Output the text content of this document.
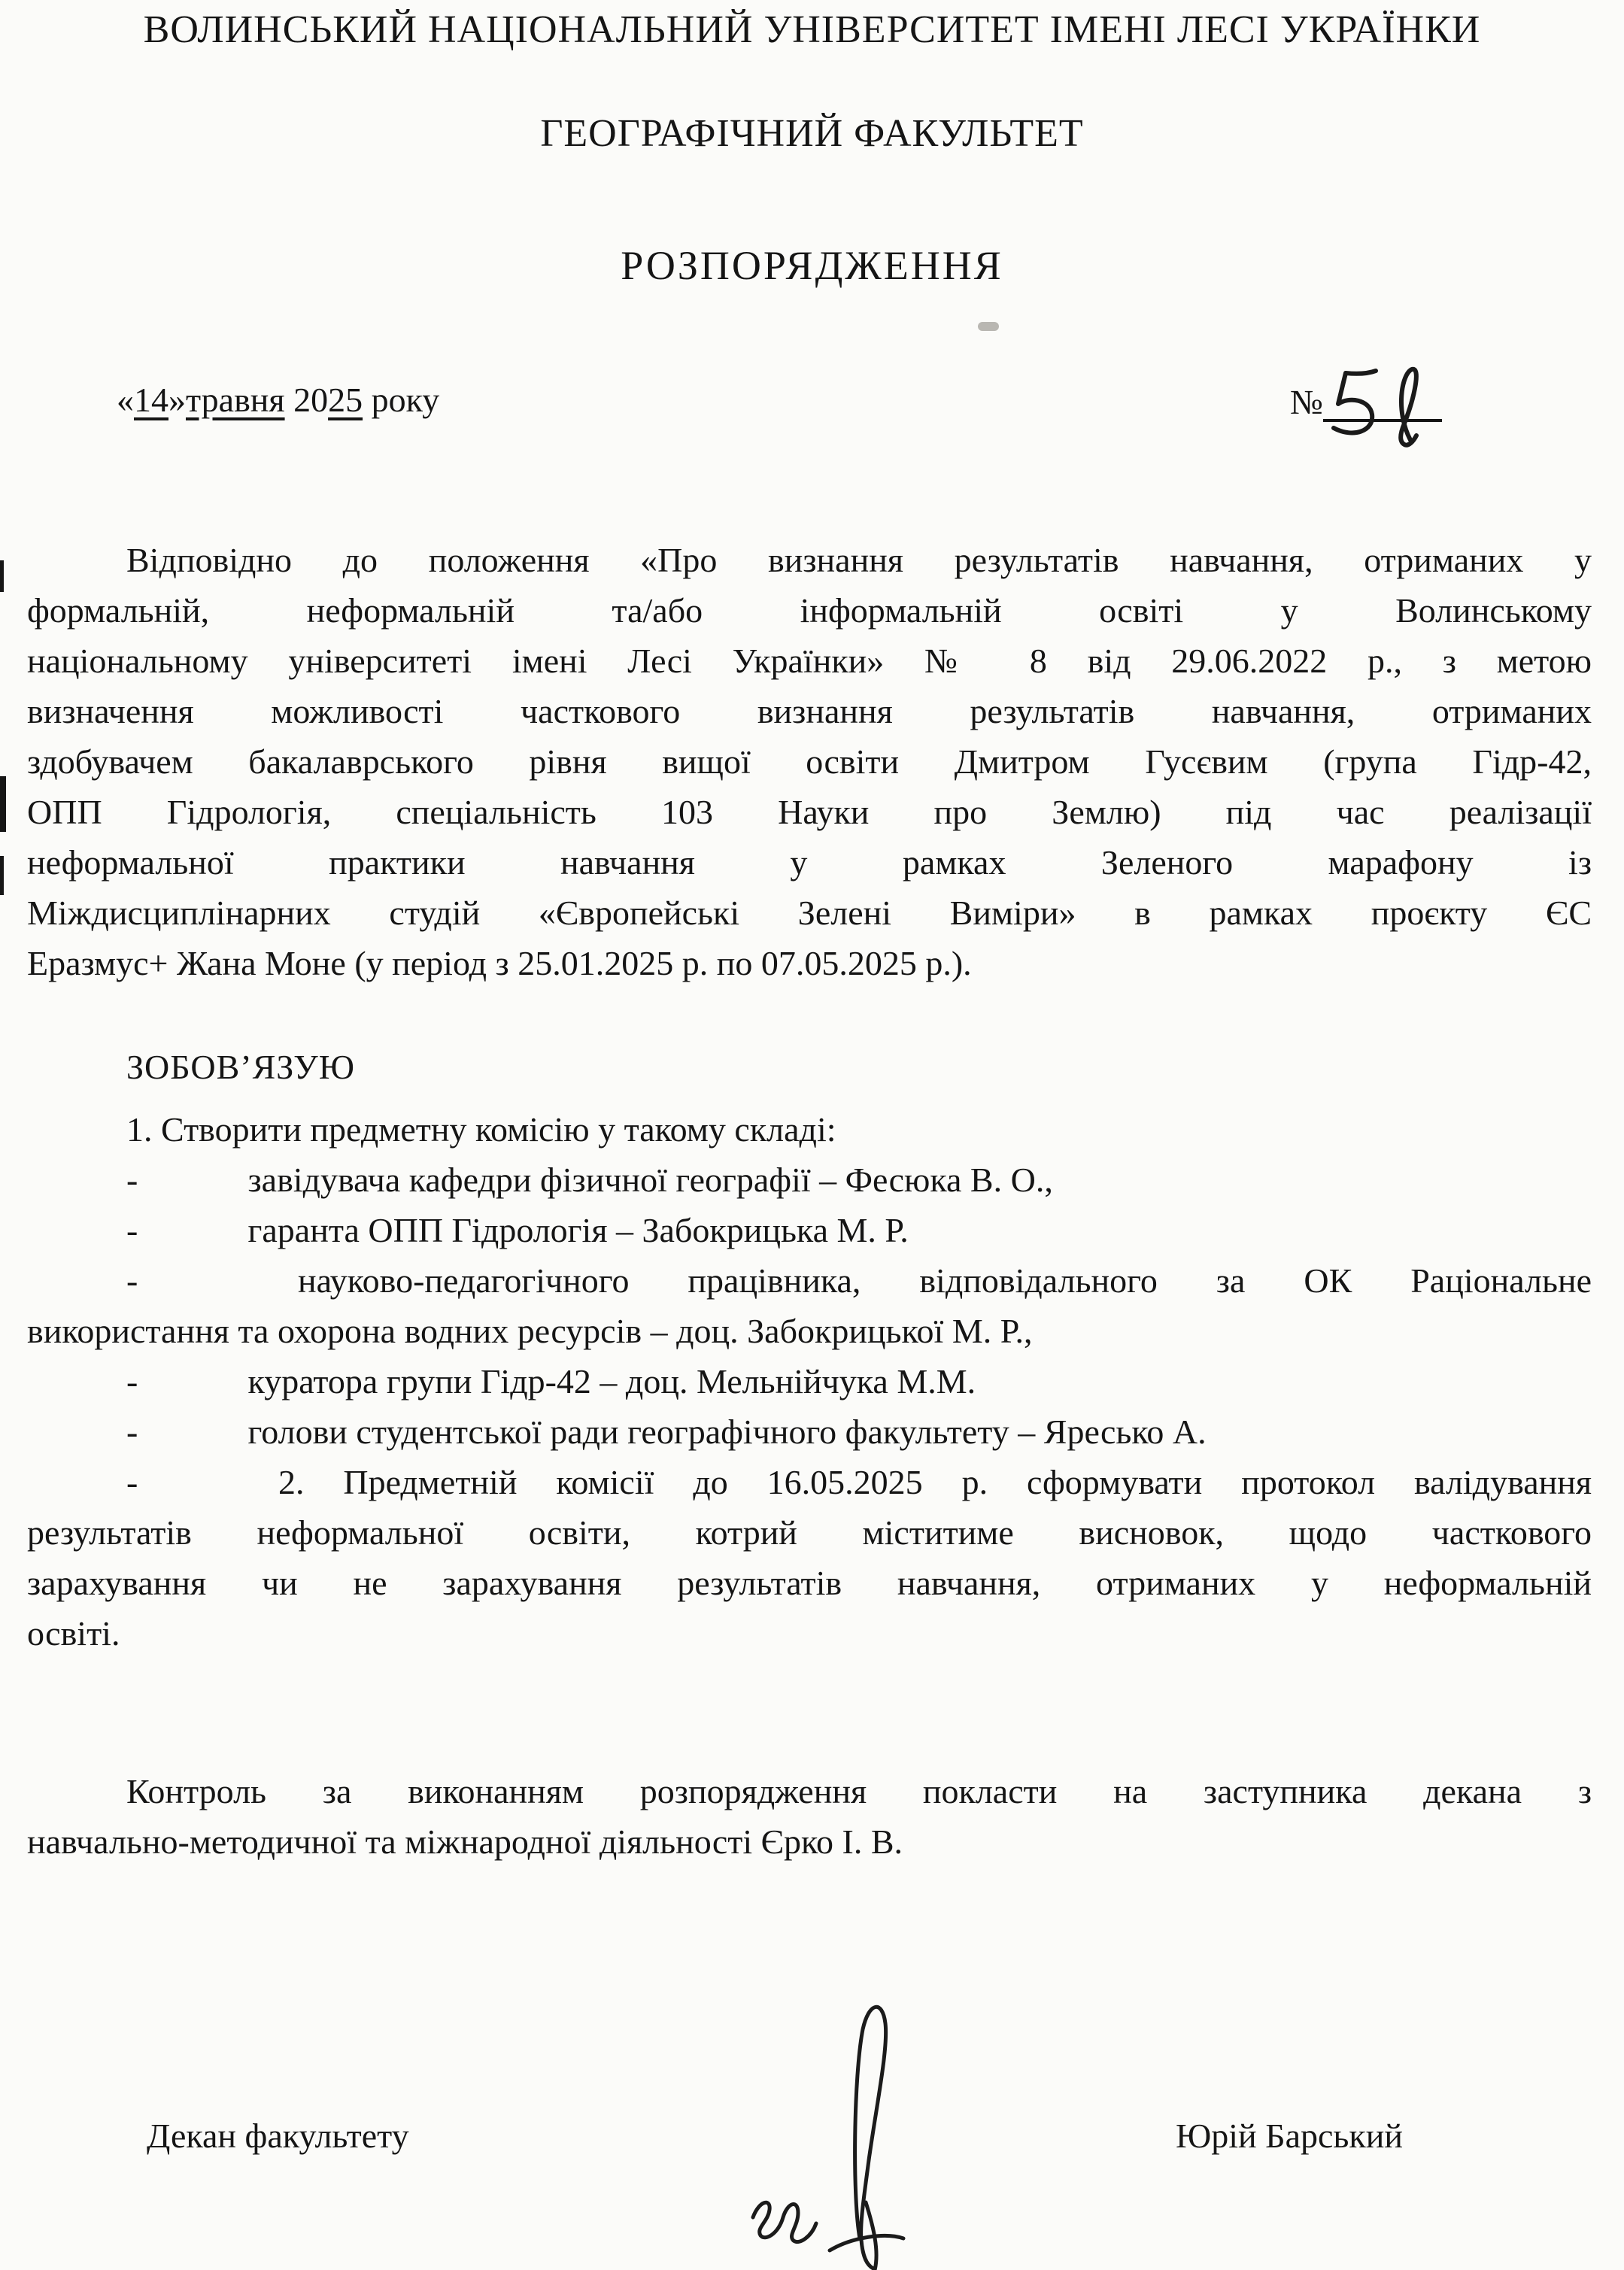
ВОЛИНСЬКИЙ НАЦІОНАЛЬНИЙ УНІВЕРСИТЕТ ІМЕНІ ЛЕСІ УКРАЇНКИ
ГЕОГРАФІЧНИЙ ФАКУЛЬТЕТ
РОЗПОРЯДЖЕННЯ
«14»травня 2025 року	№
Відповідно до положення «Про визнання результатів навчання, отриманих у
формальній, неформальній та/або інформальній освіті у Волинському
національному університеті імені Лесі Українки» № 8 від 29.06.2022 р., з метою
визначення можливості часткового визнання результатів навчання, отриманих
здобувачем бакалаврського рівня вищої освіти Дмитром Гусєвим (група Гідр-42,
ОПП Гідрологія, спеціальність 103 Науки про Землю) під час реалізації
неформальної практики навчання у рамках Зеленого марафону із
Міждисциплінарних студій «Європейські Зелені Виміри» в рамках проєкту ЄС
Еразмус+ Жана Моне (у період з 25.01.2025 р. по 07.05.2025 р.).
ЗОБОВ’ЯЗУЮ
1. Створити предметну комісію у такому складі:
-	завідувача кафедри фізичної географії – Фесюка В. О.,
-	гаранта ОПП Гідрологія – Забокрицька М. Р.
-	науково-педагогічного працівника, відповідального за ОК Раціональне
використання та охорона водних ресурсів – доц. Забокрицької М. Р.,
-	куратора групи Гідр-42 – доц. Мельнійчука М.М.
-	голови студентської ради географічного факультету – Яресько А.
-	2. Предметній комісії до 16.05.2025 р. сформувати протокол валідування
результатів неформальної освіти, котрий міститиме висновок, щодо часткового
зарахування чи не зарахування результатів навчання, отриманих у неформальній
освіті.
Контроль за виконанням розпорядження покласти на заступника декана з
навчально-методичної та міжнародної діяльності Єрко І. В.
Декан факультету	Юрій Барський
